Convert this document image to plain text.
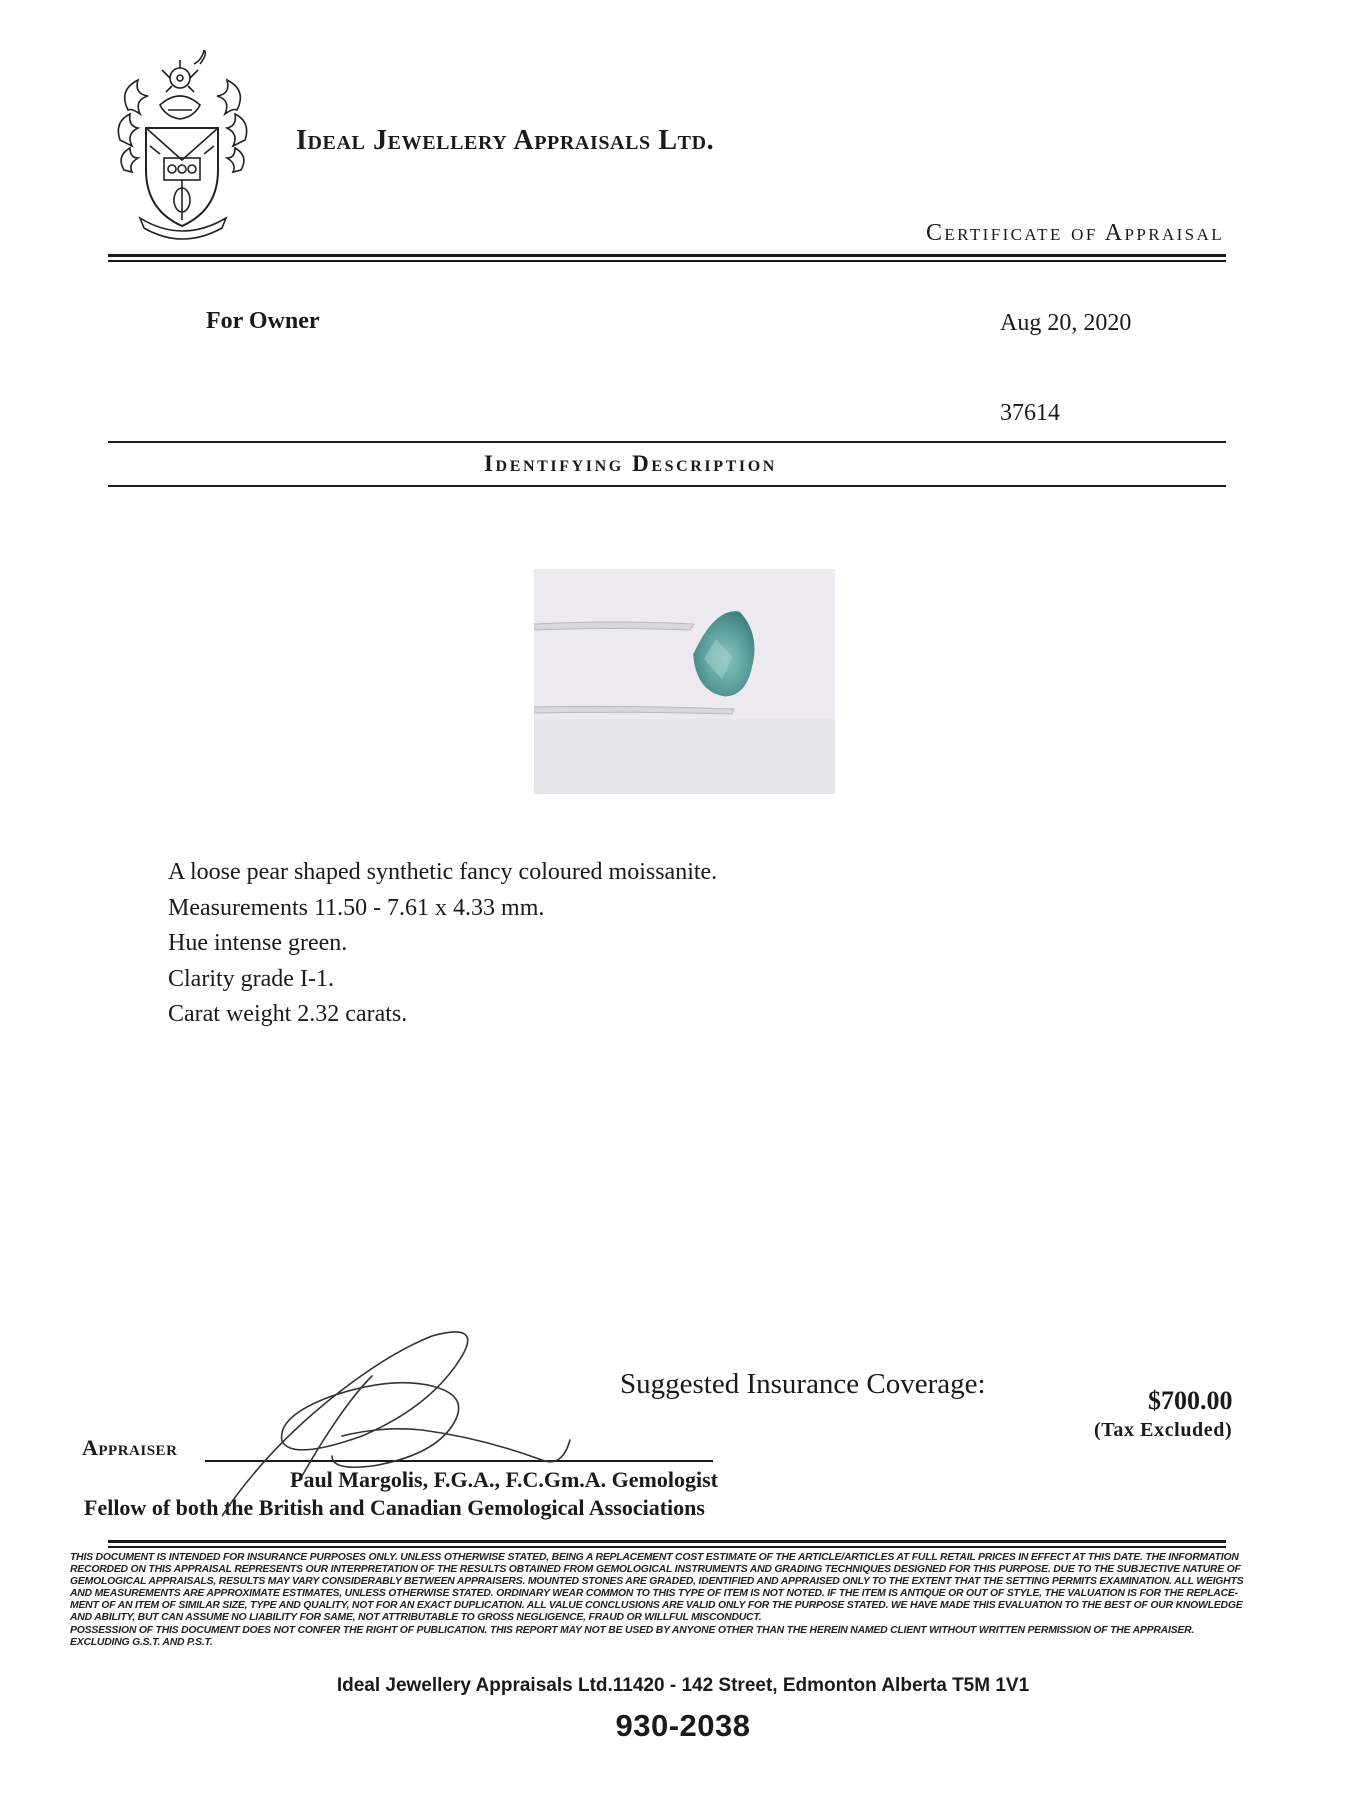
Ideal Jewellery Appraisals Ltd.
Certificate of Appraisal
For Owner	Aug 20, 2020
37614
Identifying Description
A loose pear shaped synthetic fancy coloured moissanite.
Measurements 11.50 - 7.61 x 4.33 mm.
Hue intense green.
Clarity grade I-1.
Carat weight 2.32 carats.
Suggested Insurance Coverage:
$700.00
(Tax Excluded)
Appraiser
Paul Margolis, F.G.A., F.C.Gm.A. Gemologist
Fellow of both the British and Canadian Gemological Associations
THIS DOCUMENT IS INTENDED FOR INSURANCE PURPOSES ONLY. UNLESS OTHERWISE STATED, BEING A REPLACEMENT COST ESTIMATE OF THE ARTICLE/ARTICLES AT FULL RETAIL PRICES IN EFFECT AT THIS DATE. THE INFORMATION
RECORDED ON THIS APPRAISAL REPRESENTS OUR INTERPRETATION OF THE RESULTS OBTAINED FROM GEMOLOGICAL INSTRUMENTS AND GRADING TECHNIQUES DESIGNED FOR THIS PURPOSE. DUE TO THE SUBJECTIVE NATURE OF
GEMOLOGICAL APPRAISALS, RESULTS MAY VARY CONSIDERABLY BETWEEN APPRAISERS. MOUNTED STONES ARE GRADED, IDENTIFIED AND APPRAISED ONLY TO THE EXTENT THAT THE SETTING PERMITS EXAMINATION. ALL WEIGHTS
AND MEASUREMENTS ARE APPROXIMATE ESTIMATES, UNLESS OTHERWISE STATED. ORDINARY WEAR COMMON TO THIS TYPE OF ITEM IS NOT NOTED. IF THE ITEM IS ANTIQUE OR OUT OF STYLE, THE VALUATION IS FOR THE REPLACE-
MENT OF AN ITEM OF SIMILAR SIZE, TYPE AND QUALITY, NOT FOR AN EXACT DUPLICATION. ALL VALUE CONCLUSIONS ARE VALID ONLY FOR THE PURPOSE STATED. WE HAVE MADE THIS EVALUATION TO THE BEST OF OUR KNOWLEDGE
AND ABILITY, BUT CAN ASSUME NO LIABILITY FOR SAME, NOT ATTRIBUTABLE TO GROSS NEGLIGENCE, FRAUD OR WILLFUL MISCONDUCT.
POSSESSION OF THIS DOCUMENT DOES NOT CONFER THE RIGHT OF PUBLICATION. THIS REPORT MAY NOT BE USED BY ANYONE OTHER THAN THE HEREIN NAMED CLIENT WITHOUT WRITTEN PERMISSION OF THE APPRAISER.
EXCLUDING G.S.T. AND P.S.T.
Ideal Jewellery Appraisals Ltd.11420 - 142 Street, Edmonton Alberta T5M 1V1
930-2038
